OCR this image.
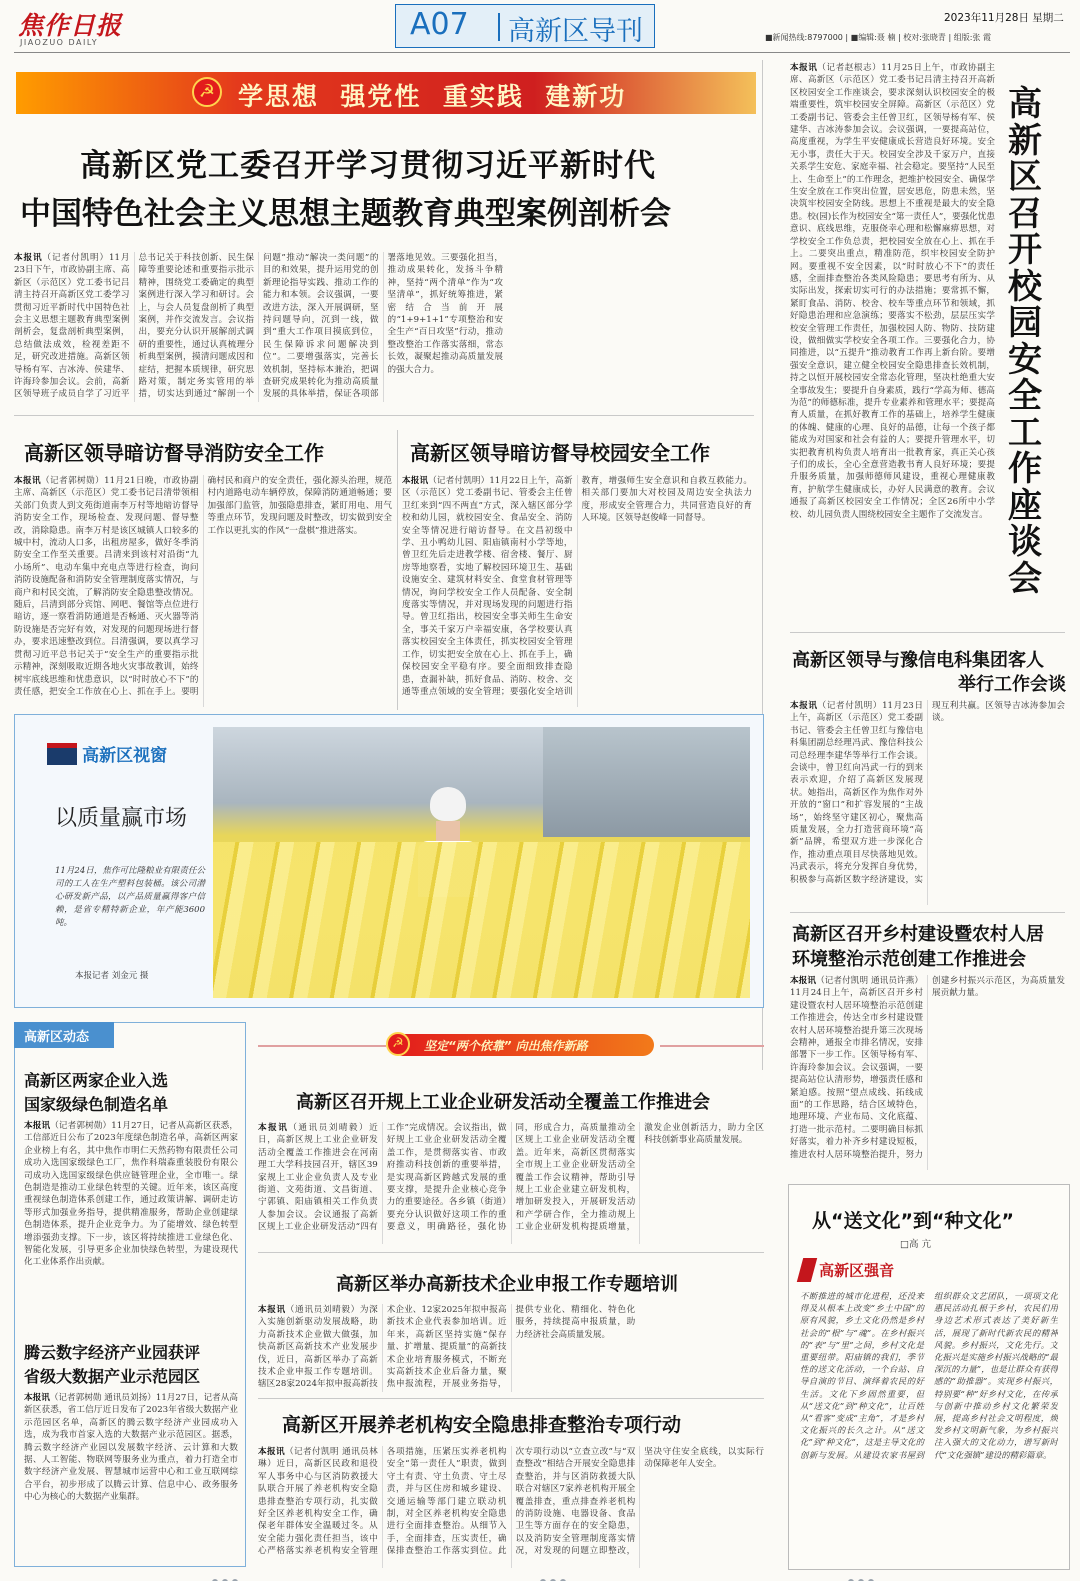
焦作日报
JIAOZUO DAILY
A07 高新区导刊	2023年11月28日 星期二
■新闻热线:8797000 | ■编辑:聂 楠 | 校对:张晓青 | 组版:张 霞
☭ 学思想  强党性  重实践  建新功
高新区党工委召开学习贯彻习近平新时代
中国特色社会主义思想主题教育典型案例剖析会
本报讯（记者付凯明）11月23日下午，市政协副主席、高新区（示范区）党工委书记吕清主持召开高新区党工委学习贯彻习近平新时代中国特色社会主义思想主题教育典型案例剖析会，复盘剖析典型案例，总结做法成效，检视差距不足，研究改进措施。高新区领导杨有军、吉冰涛、侯建华、许海玲参加会议。会前，高新区领导班子成员自学了习近平总书记关于科技创新、民生保障等重要论述和重要指示批示精神，围绕党工委确定的典型案例进行深入学习和研讨。会上，与会人员复盘剖析了典型案例，并作交流发言。会议指出，要充分认识开展解剖式调研的重要性，通过认真梳理分析典型案例，摸清问题成因和症结，把握本质规律，研究思路对策，制定务实管用的举措，切实达到通过“解剖一个问题”推动“解决一类问题”的目的和效果，提升运用党的创新理论指导实践、推动工作的能力和本领。会议强调，一要改进方法，深入开展调研，坚持问题导向，沉到一线，做到“重大工作项目摸底到位，民生保障诉求问题解决到位”。二要增强落实，完善长效机制，坚持标本兼治，把调查研究成果转化为推动高质量发展的具体举措，保证各项部署落地见效。三要强化担当，推动成果转化，发扬斗争精神，坚持“两个清单”作为“攻坚清单”，抓好统筹推进，紧密结合当前开展的“1+9+1+1”专项整治和安全生产“百日攻坚”行动，推动整改整治工作落实落细，常态长效，凝聚起推动高质量发展的强大合力。
本报讯（记者赵根志）11月25日上午，市政协副主席、高新区（示范区）党工委书记吕清主持召开高新区校园安全工作座谈会，要求深刻认识校园安全的极端重要性，筑牢校园安全屏障。高新区（示范区）党工委副书记、管委会主任曾卫红，区领导杨有军、侯建华、吉冰涛参加会议。会议强调，一要提高站位，高度重视，为学生平安健康成长营造良好环境。安全无小事，责任大于天。校园安全涉及千家万户，直接关系学生安危、家庭幸福、社会稳定。要坚持“人民至上、生命至上”的工作理念，把维护校园安全、确保学生安全放在工作突出位置，居安思危，防患未然，坚决筑牢校园安全防线。思想上不重视是最大的安全隐患。校(园)长作为校园安全“第一责任人”，要强化忧患意识、底线思维，克服侥幸心理和松懈麻痹思想，对学校安全工作负总责，把校园安全放在心上、抓在手上。二要突出重点，精准防范，织牢校园安全防护网。要重视不安全因素，以“时时放心不下”的责任感，全面排查整治各类风险隐患；要思考有所为、从实际出发，探索切实可行的办法措施；要常抓不懈，紧盯食品、消防、校舍、校车等重点环节和领域，抓好隐患治理和应急演练；要落实不松劲，层层压实学校安全管理工作责任，加强校园人防、物防、技防建设，做细做实学校安全各项工作。三要强化合力，协同推进，以“五提升”推动教育工作再上新台阶。要增强安全意识，建立健全校园安全隐患排查长效机制，持之以恒开展校园安全常态化管理，坚决杜绝重大安全事故发生；要提升自身素质，践行“学高为师、德高为范”的师德标准，提升专业素养和管理水平；要提高育人质量，在抓好教育工作的基础上，培养学生健康的体魄、健康的心理、良好的品德，让每一个孩子都能成为对国家和社会有益的人；要提升管理水平，切实把教育机构负责人培育出一批教育家，真正关心孩子们的成长，全心全意营造教书育人良好环境；要提升服务质量，加强师德师风建设，重视心理健康教育，护航学生健康成长，办好人民满意的教育。会议通报了高新区校园安全工作情况；全区26所中小学校、幼儿园负责人围绕校园安全主题作了交流发言。
高新区召开校园安全工作座谈会
高新区领导暗访督导消防安全工作
本报讯（记者郭树勋）11月21日晚，市政协副主席、高新区（示范区）党工委书记吕清带领相关部门负责人到文苑街道南李万村等地暗访督导消防安全工作，现场检查、发现问题、督导整改，消除隐患。南李万村是该区城镇人口较多的城中村，流动人口多，出租房屋多，做好冬季消防安全工作至关重要。吕清来到该村对沿街“九小场所”、电动车集中充电点等进行检查，询问消防设施配备和消防安全管理制度落实情况，与商户和村民交流，了解消防安全隐患整改情况。随后，吕清到部分宾馆、网吧、餐馆等点位进行暗访，逐一察看消防通道是否畅通、灭火器等消防设施是否完好有效，对发现的问题现场进行督办，要求迅速整改到位。吕清强调，要以真学习贯彻习近平总书记关于“安全生产的重要指示批示精神，深刻吸取近期各地火灾事故教训，始终树牢底线思维和忧患意识，以“时时放心不下”的责任感，把安全工作放在心上、抓在手上。要明确村民和商户的安全责任，强化源头治理，规范村内道路电动车辆停放，保障消防通道畅通；要加强部门监管，加强隐患排查，紧盯用电、用气等重点环节，发现问题及时整改，切实做到安全工作以更扎实的作风“一盘棋”推进落实。
高新区领导暗访督导校园安全工作
本报讯（记者付凯明）11月22日上午，高新区（示范区）党工委副书记、管委会主任曾卫红来到“四不两直”方式，深入辖区部分学校和幼儿园，就校园安全、食品安全、消防安全等情况进行暗访督导。在文昌初级中学、丑小鸭幼儿园、阳庙镇南村小学等地，曾卫红先后走进教学楼、宿舍楼、餐厅、厨房等地察看，实地了解校园环境卫生、基础设施安全、建筑材料安全、食堂食材管理等情况，询问学校安全工作人员配备、安全制度落实等情况，并对现场发现的问题进行指导。曾卫红指出，校园安全事关师生生命安全，事关千家万户幸福安康，各学校要认真落实校园安全主体责任，抓实校园安全管理工作，切实把安全放在心上、抓在手上，确保校园安全平稳有序。要全面细致排查隐患，查漏补缺，抓好食品、消防、校舍、交通等重点领域的安全管理；要强化安全培训教育，增强师生安全意识和自救互救能力。相关部门要加大对校园及周边安全执法力度，形成安全管理合力，共同营造良好的育人环境。区领导赵俊峰一同督导。
高新区领导与豫信电科集团客人
举行工作会谈
本报讯（记者付凯明）11月23日上午，高新区（示范区）党工委副书记、管委会主任曾卫红与豫信电科集团副总经理冯武、豫信科技公司总经理李建华等举行工作会谈。会谈中，曾卫红向冯武一行的到来表示欢迎，介绍了高新区发展现状。她指出，高新区作为焦作对外开放的“窗口”和扩容发展的“主战场”，始终坚守建区初心，聚焦高质量发展，全力打造营商环境“高新”品牌，希望双方进一步深化合作，推动重点项目尽快落地见效。冯武表示，将充分发挥自身优势，积极参与高新区数字经济建设，实现互利共赢。区领导吉冰涛参加会谈。
高新区召开乡村建设暨农村人居
环境整治示范创建工作推进会
本报讯（记者付凯明 通讯员许燕）11月24日上午，高新区召开乡村建设暨农村人居环境整治示范创建工作推进会，传达全市乡村建设暨农村人居环境整治提升第三次现场会精神，通报全市排名情况，安排部署下一步工作。区领导杨有军、许海玲参加会议。会议强调，一要提高站位认清形势，增强责任感和紧迫感。按照“望点成线、拓线成面”的工作思路，结合区域特色，地理环境、产业布局、文化底蕴、打造一批示范村。二要明确目标抓好落实，着力补齐乡村建设短板，推进农村人居环境整治提升，努力创建乡村振兴示范区，为高质量发展贡献力量。
高新区视窗
以质量赢市场
11月24日，焦作可比隆粮业有限责任公司的工人在生产塑料包装桶。该公司潜心研发新产品，以产品质量赢得客户信赖，是省专精特新企业，年产能3600吨。
本报记者 刘金元 摄
高新区动态
高新区两家企业入选
国家级绿色制造名单
本报讯（记者郭树勋）11月27日，记者从高新区获悉，工信部近日公布了2023年度绿色制造名单，高新区两家企业榜上有名，其中焦作市明仁天然药物有限责任公司成功入选国家级绿色工厂，焦作科瑞森重装股份有限公司成功入选国家级绿色供应链管理企业，全市唯一。绿色制造是推动工业绿色转型的关键。近年来，该区高度重视绿色制造体系创建工作，通过政策讲解、调研走访等形式加强业务指导，提供精准服务，帮助企业创建绿色制造体系，提升企业竞争力。为了能增效、绿色转型增添强劲支撑。下一步，该区将持续推进工业绿色化、智能化发展，引导更多企业加快绿色转型，为建设现代化工业体系作出贡献。
腾云数字经济产业园获评
省级大数据产业示范园区
本报讯（记者郭树勋 通讯员刘扬）11月27日，记者从高新区获悉，省工信厅近日发布了2023年省级大数据产业示范园区名单，高新区的腾云数字经济产业园成功入选，成为我市首家入选的大数据产业示范园区。据悉，腾云数字经济产业园以发展数字经济、云计算和大数据、人工智能、物联网等服务业为重点，着力打造全市数字经济产业发展、智慧城市运营中心和工业互联网综合平台，初步形成了以腾云计算、信息中心、政务服务中心为核心的大数据产业集群。
☭	坚定“两个依靠” 向出焦作新路
高新区召开规上工业企业研发活动全覆盖工作推进会
本报讯（通讯员刘晴毅）近日，高新区规上工业企业研发活动全覆盖工作推进会在河南理工大学科技园召开，辖区39家规上工业企业负责人及专业街道、文苑街道、文昌街道、宁郭镇、阳庙镇相关工作负责人参加会议。会议通报了高新区规上工业企业研发活动“四有工作”完成情况。会议指出，做好规上工业企业研发活动全覆盖工作，是贯彻落实省、市政府推动科技创新的重要举措，是实现高新区跨越式发展的重要支撑，是提升企业核心竞争力的重要途径。各乡镇（街道）要充分认识做好这项工作的重要意义，明确路径，强化协同，形成合力，高质量推动全区规上工业企业研发活动全覆盖。近年来，高新区贯彻落实全市规上工业企业研发活动全覆盖工作会议精神，帮助引导规上工业企业建立研发机构，增加研发投入，开展研发活动和产学研合作，全力推动规上工业企业研发机构提质增量，激发企业创新活力，助力全区科技创新事业高质量发展。
高新区举办高新技术企业申报工作专题培训
本报讯（通讯员刘晴毅）为深入实施创新驱动发展战略，助力高新技术企业做大做强，加快高新区高新技术产业发展步伐，近日，高新区举办了高新技术企业申报工作专题培训。辖区28家2024年拟申报高新技术企业、12家2025年拟申报高新技术企业代表参加培训。近年来，高新区坚持实施“保存量、扩增量、提质量”的高新技术企业培育服务模式，不断充实高新技术企业后备力量，聚焦申报流程，开展业务指导，提供专业化、精细化、特色化服务，持续提高申报质量，助力经济社会高质量发展。
高新区开展养老机构安全隐患排查整治专项行动
本报讯（记者付凯明 通讯员林琳）近日，高新区民政和退役军人事务中心与区消防救援大队联合开展了养老机构安全隐患排查整治专项行动，扎实做好全区养老机构安全工作，确保老年群体安全温暖过冬。从安全能力强化责任担当，该中心严格落实养老机构安全管理各项措施，压紧压实养老机构安全“第一责任人”职责，做到守土有责、守土负责、守土尽责，并与区住房和城乡建设、交通运输等部门建立联动机制，对全区养老机构安全隐患进行全面排查整治。从细节入手，全面排查，压实责任，确保排查整治工作落实到位。此次专项行动以“立查立改”与“双查整改”相结合开展安全隐患排查整治，并与区消防救援大队联合对辖区7家养老机构开展全覆盖排查，重点排查养老机构的消防设施、电器设备、食品卫生等方面存在的安全隐患，以及消防安全管理制度落实情况，对发现的问题立即整改，坚决守住安全底线，以实际行动保障老年人安全。
从“送文化”到“种文化”
□高 亢
高新区强音
不断推进的城市化进程，还没来得及从根本上改变“乡土中国”的原有风貌，乡土文化仍然是乡村社会的“根”与“魂”。在乡村振兴的“表”与“里”之间，乡村文化是重要纽带。阳庙镇的我们，季节性的送文化活动，一个台站、自导自演的节目、演绎着农民的好生活。文化下乡固然重要，但从“送文化”到“种文化”，让百姓从“看客”变成“主角”，才是乡村文化振兴的长久之计。从“送文化”到“种文化”，这是主导文化的创新与发展。从建设农家书屋到组织群众文艺团队，一项项文化惠民活动扎根于乡村，农民们用身边艺术形式表达了美好新生活，展现了新时代新农民的精神风貌。乡村振兴，文化先行。文化振兴是实施乡村振兴战略的“最深沉的力量”，也是让群众有获得感的“助推器”。实现乡村振兴，特别要“种”好乡村文化，在传承与创新中推动乡村文化繁荣发展，提高乡村社会文明程度，焕发乡村文明新气象，为乡村振兴注入强大的文化动力，谱写新时代“文化强镇”建设的精彩篇章。
